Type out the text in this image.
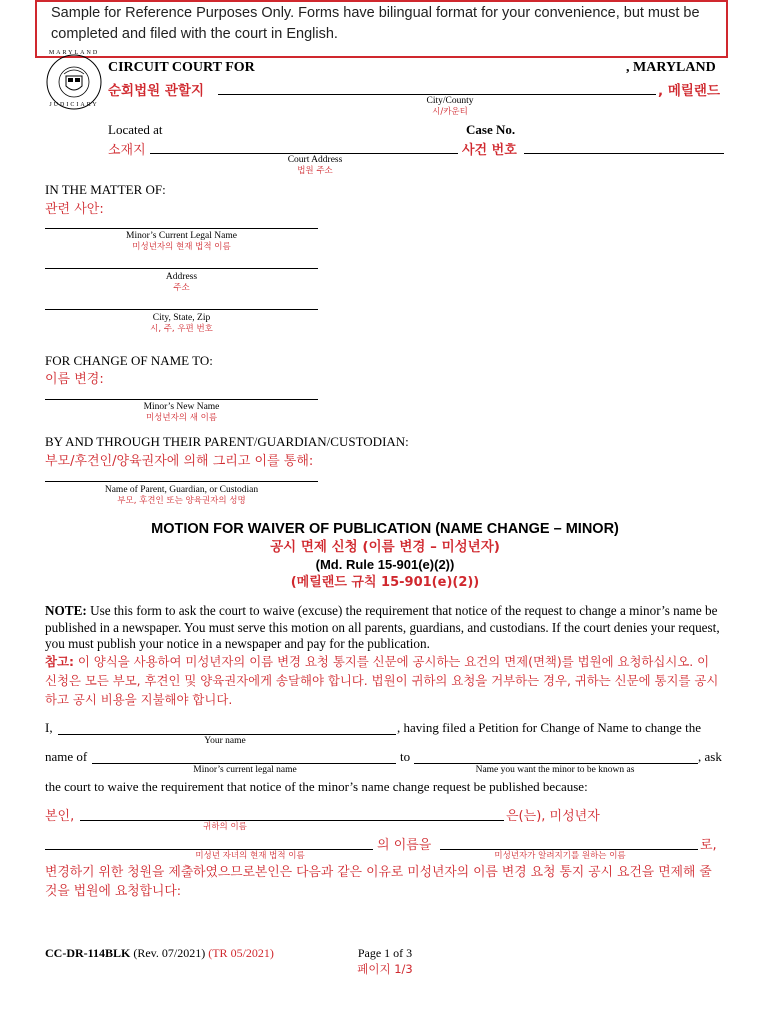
Sample for Reference Purposes Only. Forms have bilingual format for your convenience, but must be completed and filed with the court in English.
MARYLAND
JUDICIARY
CIRCUIT COURT FOR	, MARYLAND
순회법원 관할지	, 메릴랜드
City/County
시/카운티
Located at
소재지
Case No.
사건 번호
Court Address
법원 주소
IN THE MATTER OF:
관련 사안:
Minor’s Current Legal Name
미성년자의 현재 법적 이름
Address
주소
City, State, Zip
시, 주, 우편 번호
FOR CHANGE OF NAME TO:
이름 변경:
Minor’s New Name
미성년자의 새 이름
BY AND THROUGH THEIR PARENT/GUARDIAN/CUSTODIAN:
부모/후견인/양육권자에 의해 그리고 이를 통해:
Name of Parent, Guardian, or Custodian
부모, 후견인 또는 양육권자의 성명
MOTION FOR WAIVER OF PUBLICATION (NAME CHANGE – MINOR)
공시 면제 신청 (이름 변경 – 미성년자)
(Md. Rule 15-901(e)(2))
(메릴랜드 규칙 15-901(e)(2))
NOTE: Use this form to ask the court to waive (excuse) the requirement that notice of the request to change a minor’s name be published in a newspaper. You must serve this motion on all parents, guardians, and custodians. If the court denies your request, you must publish your notice in a newspaper and pay for the publication.
참고: 이 양식을 사용하여 미성년자의 이름 변경 요청 통지를 신문에 공시하는 요건의 면제(면책)를 법원에 요청하십시오. 이 신청은 모든 부모, 후견인 및 양육권자에게 송달해야 합니다. 법원이 귀하의 요청을 거부하는 경우, 귀하는 신문에 통지를 공시하고 공시 비용을 지불해야 합니다.
I,	, having filed a Petition for Change of Name to change the
Your name
name of	to	, ask
Minor’s current legal name	Name you want the minor to be known as
the court to waive the requirement that notice of the minor’s name change request be published because:
본인,	은(는), 미성년자
귀하의 이름
의 이름을	로,
미성년 자녀의 현재 법적 이름	미성년자가 알려지기를 원하는 이름
변경하기 위한 청원을 제출하였으므로본인은 다음과 같은 이유로 미성년자의 이름 변경 요청 통지 공시 요건을 면제해 줄 것을 법원에 요청합니다:
CC-DR-114BLK (Rev. 07/2021) (TR 05/2021)	Page 1 of 3
페이지 1/3
